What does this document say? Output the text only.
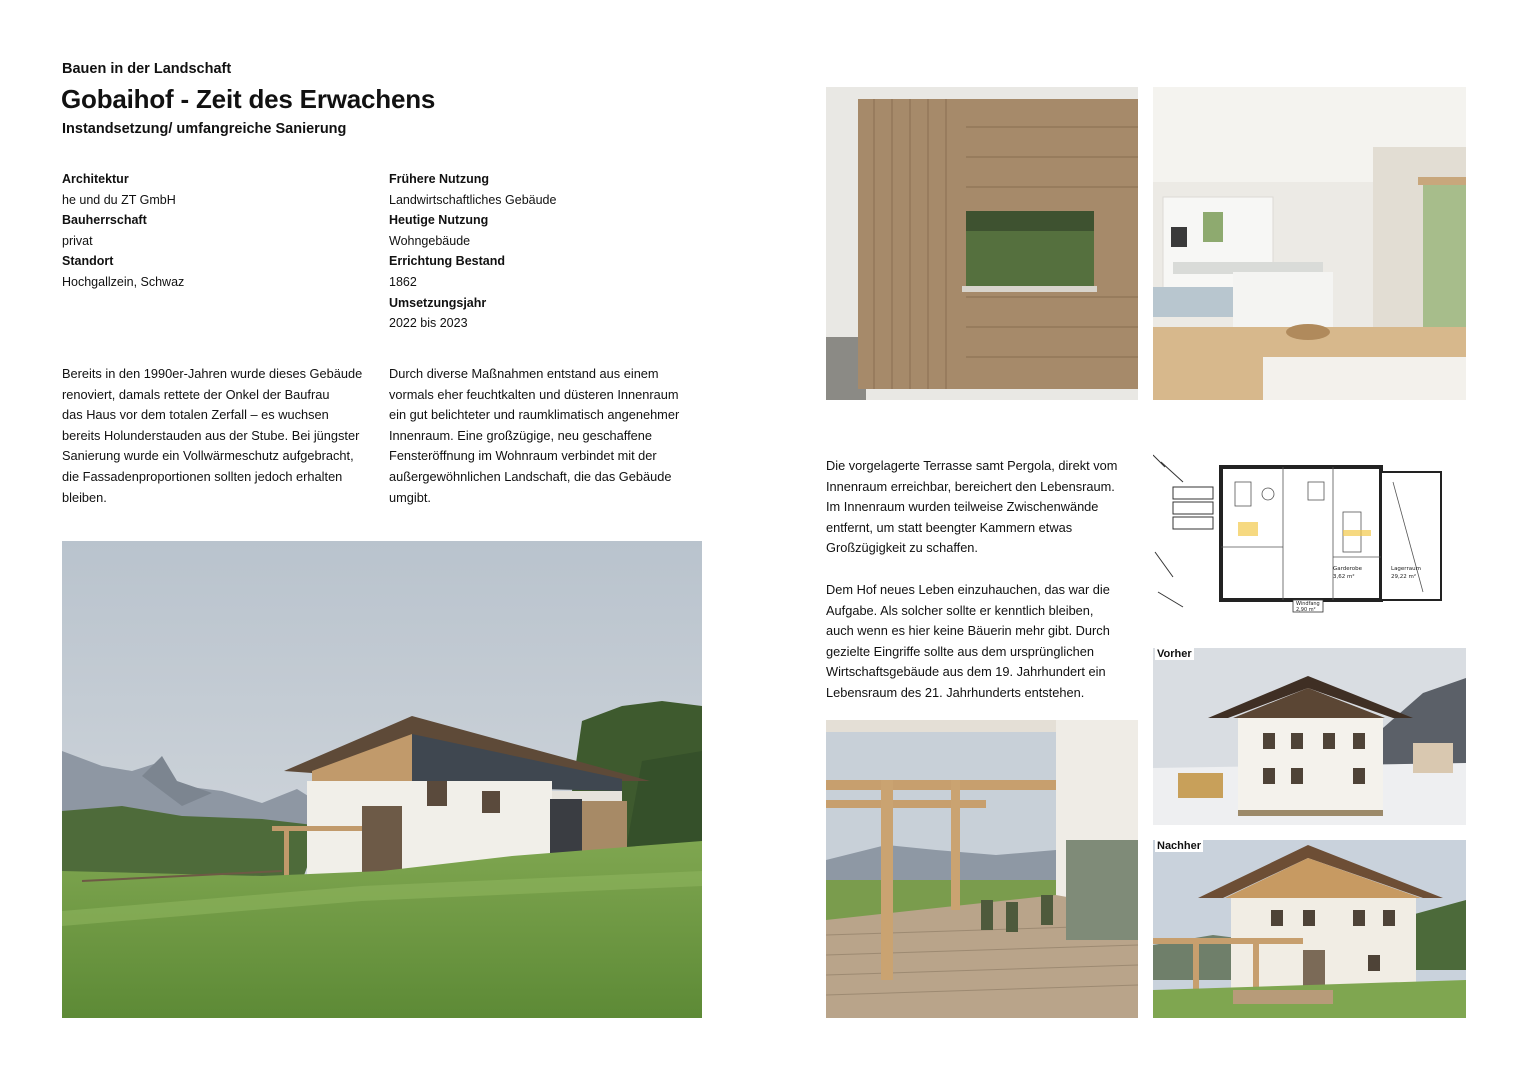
Bauen in der Landschaft
Gobaihof - Zeit des Erwachens
Instandsetzung/ umfangreiche Sanierung
Architektur
he und du ZT GmbH
Bauherrschaft
privat
Standort
Hochgallzein, Schwaz
Frühere Nutzung
Landwirtschaftliches Gebäude
Heutige Nutzung
Wohngebäude
Errichtung Bestand
1862
Umsetzungsjahr
2022 bis 2023
Bereits in den 1990er-Jahren wurde dieses Gebäude
renoviert, damals rettete der Onkel der Baufrau
das Haus vor dem totalen Zerfall – es wuchsen
bereits Holunderstauden aus der Stube. Bei jüngster
Sanierung wurde ein Vollwärmeschutz aufgebracht,
die Fassadenproportionen sollten jedoch erhalten
bleiben.
Durch diverse Maßnahmen entstand aus einem
vormals eher feuchtkalten und düsteren Innenraum
ein gut belichteter und raumklimatisch angenehmer
Innenraum. Eine großzügige, neu geschaffene
Fensteröffnung im Wohnraum verbindet mit der
außergewöhnlichen Landschaft, die das Gebäude
umgibt.
Die vorgelagerte Terrasse samt Pergola, direkt vom
Innenraum erreichbar, bereichert den Lebensraum.
Im Innenraum wurden teilweise Zwischenwände
entfernt, um statt beengter Kammern etwas
Großzügigkeit zu schaffen.
Dem Hof neues Leben einzuhauchen, das war die
Aufgabe. Als solcher sollte er kenntlich bleiben,
auch wenn es hier keine Bäuerin mehr gibt. Durch
gezielte Eingriffe sollte aus dem ursprünglichen
Wirtschaftsgebäude aus dem 19. Jahrhundert ein
Lebensraum des 21. Jahrhunderts entstehen.
Garderobe
3,62 m²
Lagerraum
29,22 m²
Windfang
2,90 m²
Vorher
Nachher
